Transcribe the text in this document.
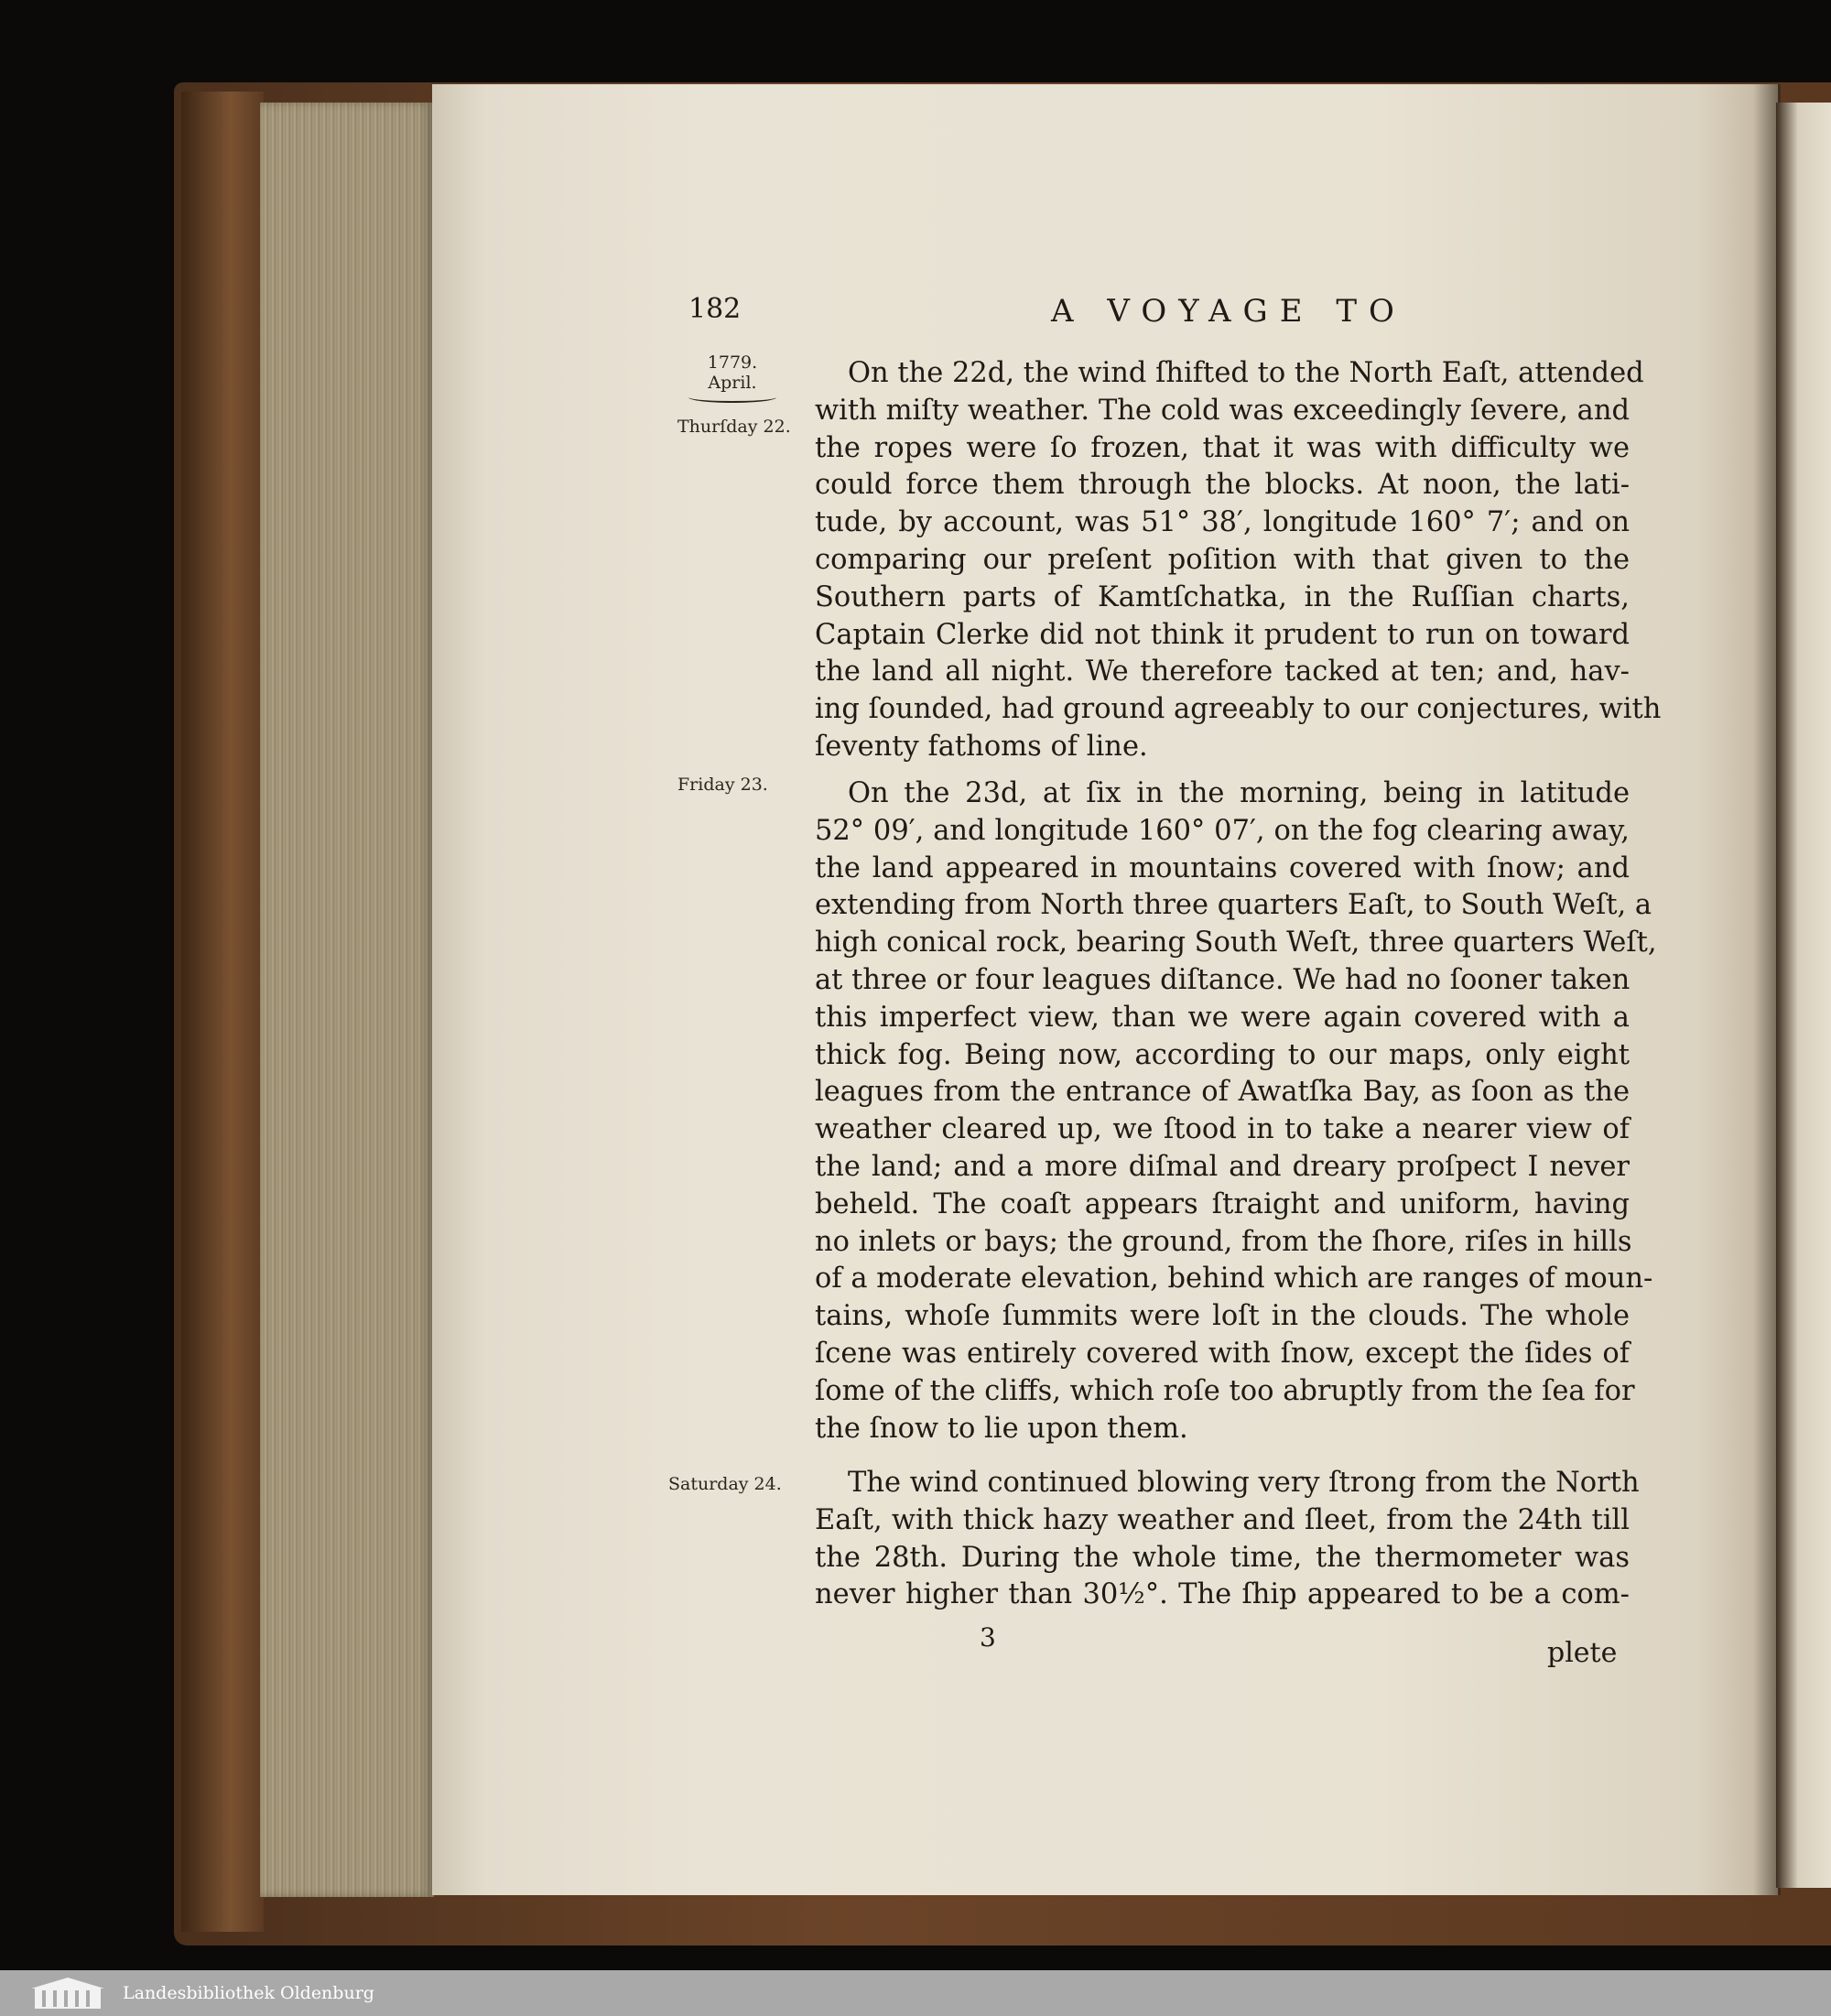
182	A VOYAGE TO
1779.
April.
Thurſday 22.
Friday 23.
Saturday 24.
On the 22d, the wind ſhifted to the North Eaſt, attended
with miſty weather. The cold was exceedingly ſevere, and
the ropes were ſo frozen, that it was with difficulty we
could force them through the blocks. At noon, the lati-
tude, by account, was 51° 38′, longitude 160° 7′; and on
comparing our preſent poſition with that given to the
Southern parts of Kamtſchatka, in the Ruſſian charts,
Captain Clerke did not think it prudent to run on toward
the land all night. We therefore tacked at ten; and, hav-
ing ſounded, had ground agreeably to our conjectures, with
ſeventy fathoms of line.
On the 23d, at ſix in the morning, being in latitude
52° 09′, and longitude 160° 07′, on the fog clearing away,
the land appeared in mountains covered with ſnow; and
extending from North three quarters Eaſt, to South Weſt, a
high conical rock, bearing South Weſt, three quarters Weſt,
at three or four leagues diſtance. We had no ſooner taken
this imperfect view, than we were again covered with a
thick fog. Being now, according to our maps, only eight
leagues from the entrance of Awatſka Bay, as ſoon as the
weather cleared up, we ſtood in to take a nearer view of
the land; and a more diſmal and dreary proſpect I never
beheld. The coaſt appears ſtraight and uniform, having
no inlets or bays; the ground, from the ſhore, riſes in hills
of a moderate elevation, behind which are ranges of moun-
tains, whoſe ſummits were loſt in the clouds. The whole
ſcene was entirely covered with ſnow, except the ſides of
ſome of the cliffs, which roſe too abruptly from the ſea for
the ſnow to lie upon them.
The wind continued blowing very ſtrong from the North
Eaſt, with thick hazy weather and ſleet, from the 24th till
the 28th. During the whole time, the thermometer was
never higher than 30½°. The ſhip appeared to be a com-
3	plete
Landesbibliothek Oldenburg
